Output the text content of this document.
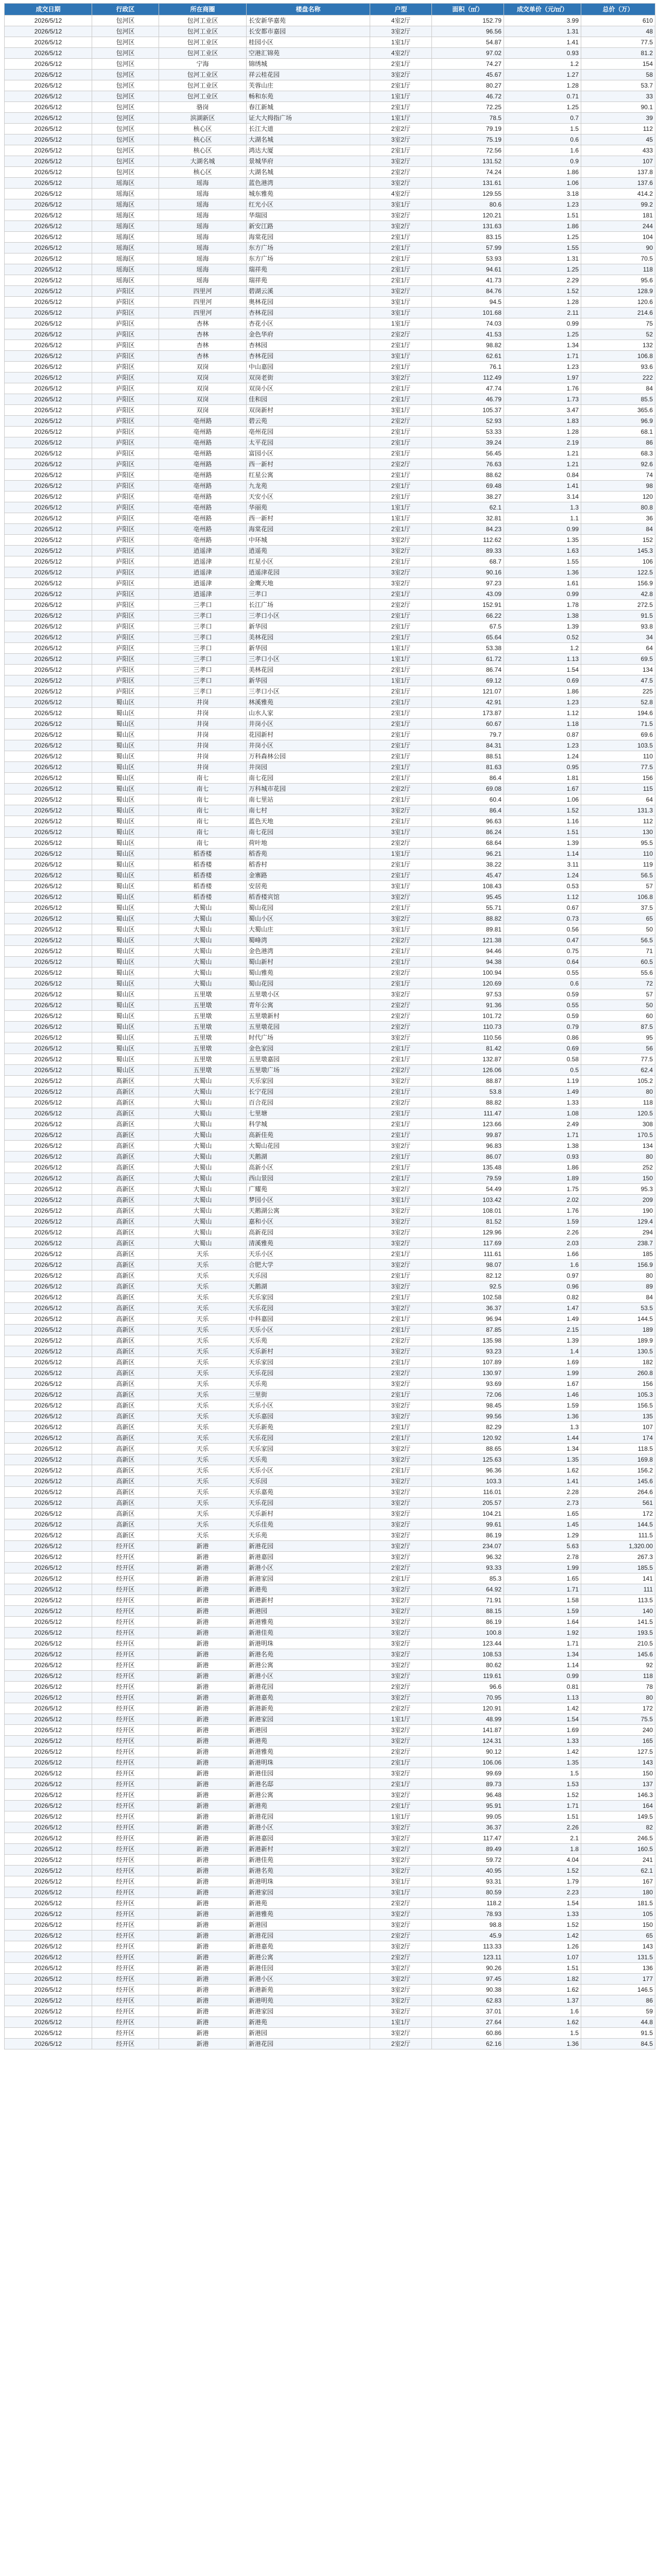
成交日期	行政区	所在商圈	楼盘名称	户型	面积（㎡）	成交单价（元/㎡）	总价（万）
2026/5/12	包河区	包河工业区	长安新华嘉苑	4室2厅	152.79	3.99	610
2026/5/12	包河区	包河工业区	长安都市嘉园	3室2厅	96.56	1.31	48
2026/5/12	包河区	包河工业区	桂园小区	1室1厅	54.87	1.41	77.5
2026/5/12	包河区	包河工业区	空港汇锦苑	4室2厅	97.02	0.93	81.2
2026/5/12	包河区	宁海	锦绣城	2室1厅	74.27	1.2	154
2026/5/12	包河区	包河工业区	祥云桂花园	3室2厅	45.67	1.27	58
2026/5/12	包河区	包河工业区	芙蓉山庄	2室1厅	80.27	1.28	53.7
2026/5/12	包河区	包河工业区	畅和东苑	1室1厅	46.72	0.71	33
2026/5/12	包河区	骆岗	春江新城	2室1厅	72.25	1.25	90.1
2026/5/12	包河区	滨湖新区	证大大拇指广场	1室1厅	78.5	0.7	39
2026/5/12	包河区	核心区	长江大道	2室2厅	79.19	1.5	112
2026/5/12	包河区	核心区	大湖名城	3室2厅	75.19	0.6	45
2026/5/12	包河区	核心区	鸿达大厦	2室1厅	72.56	1.6	433
2026/5/12	包河区	大湖名城	景城华府	3室2厅	131.52	0.9	107
2026/5/12	包河区	核心区	大湖名城	2室2厅	74.24	1.86	137.8
2026/5/12	瑶海区	瑶海	蓝色港湾	3室2厅	131.61	1.06	137.6
2026/5/12	瑶海区	瑶海	城东雅苑	4室2厅	129.55	3.18	414.2
2026/5/12	瑶海区	瑶海	红光小区	3室1厅	80.6	1.23	99.2
2026/5/12	瑶海区	瑶海	华瑞园	3室2厅	120.21	1.51	181
2026/5/12	瑶海区	瑶海	新安江路	3室2厅	131.63	1.86	244
2026/5/12	瑶海区	瑶海	海棠花园	2室1厅	83.15	1.25	104
2026/5/12	瑶海区	瑶海	东方广场	2室1厅	57.99	1.55	90
2026/5/12	瑶海区	瑶海	东方广场	2室1厅	53.93	1.31	70.5
2026/5/12	瑶海区	瑶海	瑞祥苑	2室1厅	94.61	1.25	118
2026/5/12	瑶海区	瑶海	瑞祥苑	2室1厅	41.73	2.29	95.6
2026/5/12	庐阳区	四里河	碧湖云溪	3室2厅	84.76	1.52	128.9
2026/5/12	庐阳区	四里河	奥林花园	3室1厅	94.5	1.28	120.6
2026/5/12	庐阳区	四里河	杏林花园	3室1厅	101.68	2.11	214.6
2026/5/12	庐阳区	杏林	杏花小区	1室1厅	74.03	0.99	75
2026/5/12	庐阳区	杏林	金色华府	2室2厅	41.53	1.25	52
2026/5/12	庐阳区	杏林	杏林园	2室1厅	98.82	1.34	132
2026/5/12	庐阳区	杏林	杏林花园	3室1厅	62.61	1.71	106.8
2026/5/12	庐阳区	双岗	中山嘉园	2室1厅	76.1	1.23	93.6
2026/5/12	庐阳区	双岗	双岗老街	3室2厅	112.49	1.97	222
2026/5/12	庐阳区	双岗	双岗小区	2室1厅	47.74	1.76	84
2026/5/12	庐阳区	双岗	佳和园	2室1厅	46.79	1.73	85.5
2026/5/12	庐阳区	双岗	双岗新村	3室1厅	105.37	3.47	365.6
2026/5/12	庐阳区	亳州路	碧云苑	2室2厅	52.93	1.83	96.9
2026/5/12	庐阳区	亳州路	亳州花园	2室1厅	53.33	1.28	68.1
2026/5/12	庐阳区	亳州路	太平花园	2室1厅	39.24	2.19	86
2026/5/12	庐阳区	亳州路	富园小区	2室1厅	56.45	1.21	68.3
2026/5/12	庐阳区	亳州路	西一新村	2室2厅	76.63	1.21	92.6
2026/5/12	庐阳区	亳州路	红星公寓	2室1厅	88.62	0.84	74
2026/5/12	庐阳区	亳州路	九龙苑	2室1厅	69.48	1.41	98
2026/5/12	庐阳区	亳州路	天安小区	2室1厅	38.27	3.14	120
2026/5/12	庐阳区	亳州路	华丽苑	1室1厅	62.1	1.3	80.8
2026/5/12	庐阳区	亳州路	西一新村	1室1厅	32.81	1.1	36
2026/5/12	庐阳区	亳州路	海棠花园	2室1厅	84.23	0.99	84
2026/5/12	庐阳区	亳州路	中环城	3室2厅	112.62	1.35	152
2026/5/12	庐阳区	逍遥津	逍遥苑	3室2厅	89.33	1.63	145.3
2026/5/12	庐阳区	逍遥津	红星小区	2室1厅	68.7	1.55	106
2026/5/12	庐阳区	逍遥津	逍遥津花园	3室2厅	90.16	1.36	122.5
2026/5/12	庐阳区	逍遥津	金鹰天地	3室2厅	97.23	1.61	156.9
2026/5/12	庐阳区	逍遥津	三孝口	2室1厅	43.09	0.99	42.8
2026/5/12	庐阳区	三孝口	长江广场	2室2厅	152.91	1.78	272.5
2026/5/12	庐阳区	三孝口	三孝口小区	2室1厅	66.22	1.38	91.5
2026/5/12	庐阳区	三孝口	新华园	2室1厅	67.5	1.39	93.8
2026/5/12	庐阳区	三孝口	美林花园	2室1厅	65.64	0.52	34
2026/5/12	庐阳区	三孝口	新华园	1室1厅	53.38	1.2	64
2026/5/12	庐阳区	三孝口	三孝口小区	1室1厅	61.72	1.13	69.5
2026/5/12	庐阳区	三孝口	美林花园	2室1厅	86.74	1.54	134
2026/5/12	庐阳区	三孝口	新华园	1室1厅	69.12	0.69	47.5
2026/5/12	庐阳区	三孝口	三孝口小区	2室1厅	121.07	1.86	225
2026/5/12	蜀山区	井岗	林溪雅苑	2室1厅	42.91	1.23	52.8
2026/5/12	蜀山区	井岗	山水人家	2室1厅	173.87	1.12	194.6
2026/5/12	蜀山区	井岗	井岗小区	2室1厅	60.67	1.18	71.5
2026/5/12	蜀山区	井岗	花园新村	2室1厅	79.7	0.87	69.6
2026/5/12	蜀山区	井岗	井岗小区	2室1厅	84.31	1.23	103.5
2026/5/12	蜀山区	井岗	万科森林公园	2室1厅	88.51	1.24	110
2026/5/12	蜀山区	井岗	井岗园	2室1厅	81.63	0.95	77.5
2026/5/12	蜀山区	南七	南七花园	2室1厅	86.4	1.81	156
2026/5/12	蜀山区	南七	万科城市花园	2室2厅	69.08	1.67	115
2026/5/12	蜀山区	南七	南七里站	2室1厅	60.4	1.06	64
2026/5/12	蜀山区	南七	南七村	3室2厅	86.4	1.52	131.3
2026/5/12	蜀山区	南七	蓝色天地	2室1厅	96.63	1.16	112
2026/5/12	蜀山区	南七	南七花园	3室1厅	86.24	1.51	130
2026/5/12	蜀山区	南七	荷叶地	2室2厅	68.64	1.39	95.5
2026/5/12	蜀山区	稻香楼	稻香苑	1室1厅	96.21	1.14	110
2026/5/12	蜀山区	稻香楼	稻香村	2室1厅	38.22	3.11	119
2026/5/12	蜀山区	稻香楼	金寨路	2室1厅	45.47	1.24	56.5
2026/5/12	蜀山区	稻香楼	安居苑	3室1厅	108.43	0.53	57
2026/5/12	蜀山区	稻香楼	稻香楼宾馆	3室2厅	95.45	1.12	106.8
2026/5/12	蜀山区	大蜀山	蜀山花园	2室1厅	55.71	0.67	37.5
2026/5/12	蜀山区	大蜀山	蜀山小区	3室2厅	88.82	0.73	65
2026/5/12	蜀山区	大蜀山	大蜀山庄	3室1厅	89.81	0.56	50
2026/5/12	蜀山区	大蜀山	蜀峰湾	2室2厅	121.38	0.47	56.5
2026/5/12	蜀山区	大蜀山	金色港湾	2室1厅	94.46	0.75	71
2026/5/12	蜀山区	大蜀山	蜀山新村	2室1厅	94.38	0.64	60.5
2026/5/12	蜀山区	大蜀山	蜀山雅苑	2室2厅	100.94	0.55	55.6
2026/5/12	蜀山区	大蜀山	蜀山花园	2室1厅	120.69	0.6	72
2026/5/12	蜀山区	五里墩	五里墩小区	3室2厅	97.53	0.59	57
2026/5/12	蜀山区	五里墩	青年公寓	2室2厅	91.36	0.55	50
2026/5/12	蜀山区	五里墩	五里墩新村	2室2厅	101.72	0.59	60
2026/5/12	蜀山区	五里墩	五里墩花园	2室2厅	110.73	0.79	87.5
2026/5/12	蜀山区	五里墩	时代广场	3室2厅	110.56	0.86	95
2026/5/12	蜀山区	五里墩	金色家园	2室1厅	81.42	0.69	56
2026/5/12	蜀山区	五里墩	五里墩嘉园	2室1厅	132.87	0.58	77.5
2026/5/12	蜀山区	五里墩	五里墩广场	2室2厅	126.06	0.5	62.4
2026/5/12	高新区	大蜀山	天乐家园	3室2厅	88.87	1.19	105.2
2026/5/12	高新区	大蜀山	长宁花园	2室1厅	53.8	1.49	80
2026/5/12	高新区	大蜀山	百合花园	2室2厅	88.82	1.33	118
2026/5/12	高新区	大蜀山	七里塘	2室1厅	111.47	1.08	120.5
2026/5/12	高新区	大蜀山	科学城	2室1厅	123.66	2.49	308
2026/5/12	高新区	大蜀山	高新佳苑	2室1厅	99.87	1.71	170.5
2026/5/12	高新区	大蜀山	大蜀山花园	3室2厅	96.83	1.38	134
2026/5/12	高新区	大蜀山	天鹅湖	2室1厅	86.07	0.93	80
2026/5/12	高新区	大蜀山	高新小区	2室1厅	135.48	1.86	252
2026/5/12	高新区	大蜀山	西山景园	2室1厅	79.59	1.89	150
2026/5/12	高新区	大蜀山	广耀苑	3室2厅	54.49	1.75	95.3
2026/5/12	高新区	大蜀山	梦园小区	3室1厅	103.42	2.02	209
2026/5/12	高新区	大蜀山	天鹅湖公寓	3室2厅	108.01	1.76	190
2026/5/12	高新区	大蜀山	嘉和小区	3室2厅	81.52	1.59	129.4
2026/5/12	高新区	大蜀山	高新花园	3室2厅	129.96	2.26	294
2026/5/12	高新区	大蜀山	清溪雅苑	3室2厅	117.69	2.03	238.7
2026/5/12	高新区	天乐	天乐小区	2室1厅	111.61	1.66	185
2026/5/12	高新区	天乐	合肥大学	3室2厅	98.07	1.6	156.9
2026/5/12	高新区	天乐	天乐园	2室1厅	82.12	0.97	80
2026/5/12	高新区	天乐	天鹅湖	3室2厅	92.5	0.96	89
2026/5/12	高新区	天乐	天乐家园	2室1厅	102.58	0.82	84
2026/5/12	高新区	天乐	天乐花园	3室2厅	36.37	1.47	53.5
2026/5/12	高新区	天乐	中科嘉园	2室1厅	96.94	1.49	144.5
2026/5/12	高新区	天乐	天乐小区	2室1厅	87.85	2.15	189
2026/5/12	高新区	天乐	天乐苑	2室2厅	135.98	1.39	189.9
2026/5/12	高新区	天乐	天乐新村	3室2厅	93.23	1.4	130.5
2026/5/12	高新区	天乐	天乐家园	2室1厅	107.89	1.69	182
2026/5/12	高新区	天乐	天乐花园	2室2厅	130.97	1.99	260.8
2026/5/12	高新区	天乐	天乐苑	3室2厅	93.69	1.67	156
2026/5/12	高新区	天乐	三里街	2室1厅	72.06	1.46	105.3
2026/5/12	高新区	天乐	天乐小区	3室2厅	98.45	1.59	156.5
2026/5/12	高新区	天乐	天乐嘉园	3室2厅	99.56	1.36	135
2026/5/12	高新区	天乐	天乐新苑	2室1厅	82.29	1.3	107
2026/5/12	高新区	天乐	天乐花园	2室1厅	120.92	1.44	174
2026/5/12	高新区	天乐	天乐家园	3室2厅	88.65	1.34	118.5
2026/5/12	高新区	天乐	天乐苑	3室2厅	125.63	1.35	169.8
2026/5/12	高新区	天乐	天乐小区	2室1厅	96.36	1.62	156.2
2026/5/12	高新区	天乐	天乐园	3室2厅	103.3	1.41	145.6
2026/5/12	高新区	天乐	天乐嘉苑	3室2厅	116.01	2.28	264.6
2026/5/12	高新区	天乐	天乐花园	3室2厅	205.57	2.73	561
2026/5/12	高新区	天乐	天乐新村	3室2厅	104.21	1.65	172
2026/5/12	高新区	天乐	天乐佳苑	3室2厅	99.61	1.45	144.5
2026/5/12	高新区	天乐	天乐苑	3室2厅	86.19	1.29	111.5
2026/5/12	经开区	新港	新港花园	3室2厅	234.07	5.63	1,320.00
2026/5/12	经开区	新港	新港嘉园	3室2厅	96.32	2.78	267.3
2026/5/12	经开区	新港	新港小区	2室2厅	93.33	1.99	185.5
2026/5/12	经开区	新港	新港家园	2室1厅	85.3	1.65	141
2026/5/12	经开区	新港	新港苑	3室2厅	64.92	1.71	111
2026/5/12	经开区	新港	新港新村	3室2厅	71.91	1.58	113.5
2026/5/12	经开区	新港	新港园	3室2厅	88.15	1.59	140
2026/5/12	经开区	新港	新港雅苑	3室2厅	86.19	1.64	141.5
2026/5/12	经开区	新港	新港佳苑	3室2厅	100.8	1.92	193.5
2026/5/12	经开区	新港	新港明珠	3室2厅	123.44	1.71	210.5
2026/5/12	经开区	新港	新港名苑	3室2厅	108.53	1.34	145.6
2026/5/12	经开区	新港	新港公寓	3室2厅	80.62	1.14	92
2026/5/12	经开区	新港	新港小区	3室2厅	119.61	0.99	118
2026/5/12	经开区	新港	新港花园	2室2厅	96.6	0.81	78
2026/5/12	经开区	新港	新港嘉苑	3室2厅	70.95	1.13	80
2026/5/12	经开区	新港	新港新苑	2室2厅	120.91	1.42	172
2026/5/12	经开区	新港	新港家园	1室1厅	48.99	1.54	75.5
2026/5/12	经开区	新港	新港园	3室2厅	141.87	1.69	240
2026/5/12	经开区	新港	新港苑	3室2厅	124.31	1.33	165
2026/5/12	经开区	新港	新港雅苑	2室2厅	90.12	1.42	127.5
2026/5/12	经开区	新港	新港明珠	2室1厅	106.06	1.35	143
2026/5/12	经开区	新港	新港佳园	3室2厅	99.69	1.5	150
2026/5/12	经开区	新港	新港名邸	2室1厅	89.73	1.53	137
2026/5/12	经开区	新港	新港公寓	3室2厅	96.48	1.52	146.3
2026/5/12	经开区	新港	新港苑	2室1厅	95.91	1.71	164
2026/5/12	经开区	新港	新港花园	1室1厅	99.05	1.51	149.5
2026/5/12	经开区	新港	新港小区	3室2厅	36.37	2.26	82
2026/5/12	经开区	新港	新港嘉园	3室2厅	117.47	2.1	246.5
2026/5/12	经开区	新港	新港新村	3室2厅	89.49	1.8	160.5
2026/5/12	经开区	新港	新港佳苑	3室2厅	59.72	4.04	241
2026/5/12	经开区	新港	新港名苑	3室2厅	40.95	1.52	62.1
2026/5/12	经开区	新港	新港明珠	3室1厅	93.31	1.79	167
2026/5/12	经开区	新港	新港家园	3室1厅	80.59	2.23	180
2026/5/12	经开区	新港	新港苑	2室2厅	118.2	1.54	181.5
2026/5/12	经开区	新港	新港雅苑	3室2厅	78.93	1.33	105
2026/5/12	经开区	新港	新港园	3室2厅	98.8	1.52	150
2026/5/12	经开区	新港	新港花园	2室2厅	45.9	1.42	65
2026/5/12	经开区	新港	新港嘉苑	3室2厅	113.33	1.26	143
2026/5/12	经开区	新港	新港公寓	2室2厅	123.11	1.07	131.5
2026/5/12	经开区	新港	新港佳园	3室2厅	90.26	1.51	136
2026/5/12	经开区	新港	新港小区	3室2厅	97.45	1.82	177
2026/5/12	经开区	新港	新港新苑	3室2厅	90.38	1.62	146.5
2026/5/12	经开区	新港	新港明苑	3室2厅	62.83	1.37	86
2026/5/12	经开区	新港	新港家园	3室2厅	37.01	1.6	59
2026/5/12	经开区	新港	新港苑	1室1厅	27.64	1.62	44.8
2026/5/12	经开区	新港	新港园	3室2厅	60.86	1.5	91.5
2026/5/12	经开区	新港	新港花园	2室2厅	62.16	1.36	84.5
